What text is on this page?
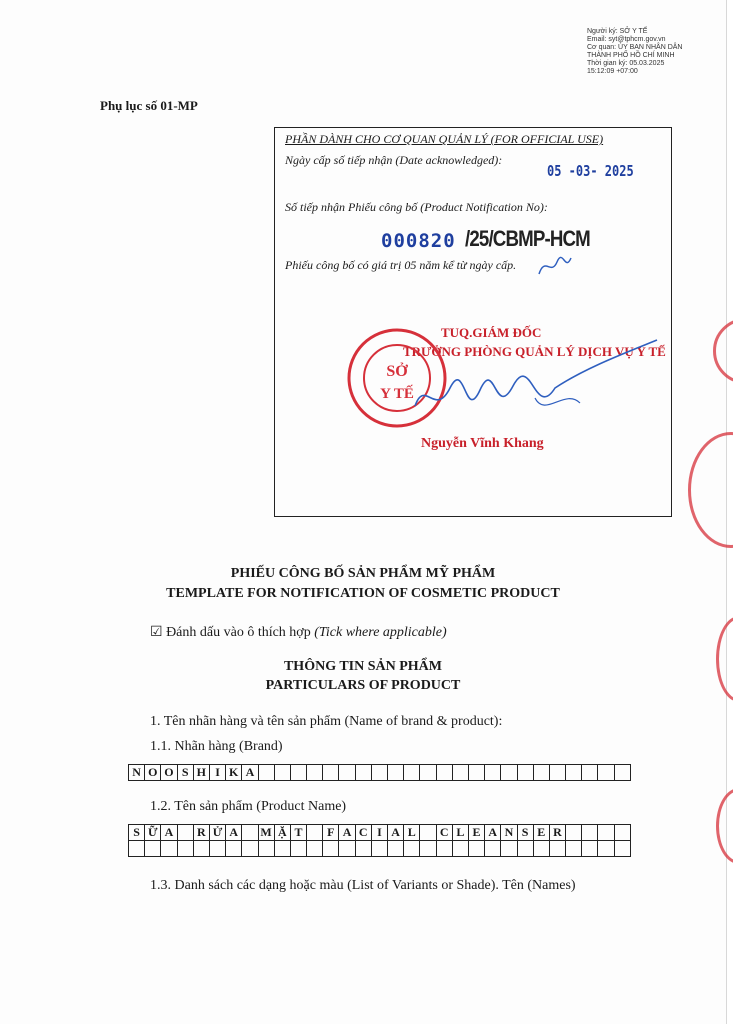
Người ký: SỞ Y TẾ
Email: syt@tphcm.gov.vn
Cơ quan: ỦY BAN NHÂN DÂN
THÀNH PHỐ HỒ CHÍ MINH
Thời gian ký: 05.03.2025
15:12:09 +07:00
Phụ lục số 01-MP
PHẦN DÀNH CHO CƠ QUAN QUẢN LÝ (FOR OFFICIAL USE)
Ngày cấp số tiếp nhận (Date acknowledged):
05 -03- 2025
Số tiếp nhận Phiếu công bố (Product Notification No):
000820 /25/CBMP-HCM
Phiếu công bố có giá trị 05 năm kể từ ngày cấp.
TUQ.GIÁM ĐỐC
TRƯỞNG PHÒNG QUẢN LÝ DỊCH VỤ Y TẾ
SỞ
Y TẾ
Nguyễn Vĩnh Khang
PHIẾU CÔNG BỐ SẢN PHẨM MỸ PHẨM
TEMPLATE FOR NOTIFICATION OF COSMETIC PRODUCT
☑ Đánh dấu vào ô thích hợp (Tick where applicable)
THÔNG TIN SẢN PHẨM
PARTICULARS OF PRODUCT
1. Tên nhãn hàng và tên sản phẩm (Name of brand & product):
1.1. Nhãn hàng (Brand)
N	O	O	S	H	I	K	A																							
1.2. Tên sản phẩm (Product Name)
S	Ữ	A		R	Ử	A		M	Ặ	T		F	A	C	I	A	L		C	L	E	A	N	S	E	R				

1.3. Danh sách các dạng hoặc màu (List of Variants or Shade). Tên (Names)
